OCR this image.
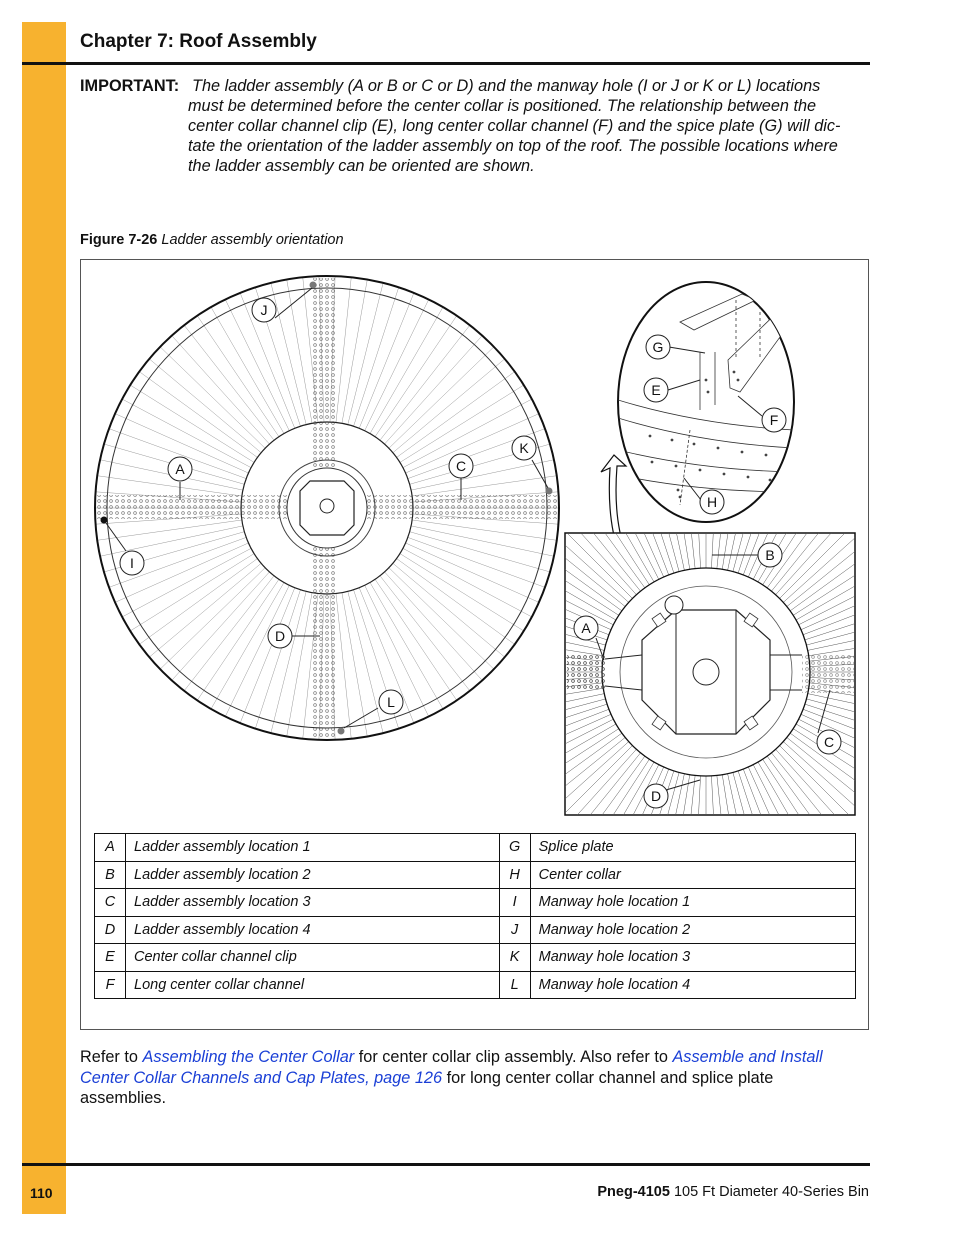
Chapter 7: Roof Assembly
IMPORTANT: The ladder assembly (A or B or C or D) and the manway hole (I or J or K or L) locations
must be determined before the center collar is positioned. The relationship between the
center collar channel clip (E), long center collar channel (F) and the spice plate (G) will dic-
tate the orientation of the ladder assembly on top of the roof. The possible locations where
the ladder assembly can be oriented are shown.
Figure 7-26 Ladder assembly orientation
J
K
A	C
I
D
L
G
E
F
H
B
A
C
D
A	Ladder assembly location 1	G	Splice plate
B	Ladder assembly location 2	H	Center collar
C	Ladder assembly location 3	I	Manway hole location 1
D	Ladder assembly location 4	J	Manway hole location 2
E	Center collar channel clip	K	Manway hole location 3
F	Long center collar channel	L	Manway hole location 4
Refer to Assembling the Center Collar for center collar clip assembly. Also refer to Assemble and Install
Center Collar Channels and Cap Plates, page 126 for long center collar channel and splice plate
assemblies.
110	Pneg-4105 105 Ft Diameter 40-Series Bin
